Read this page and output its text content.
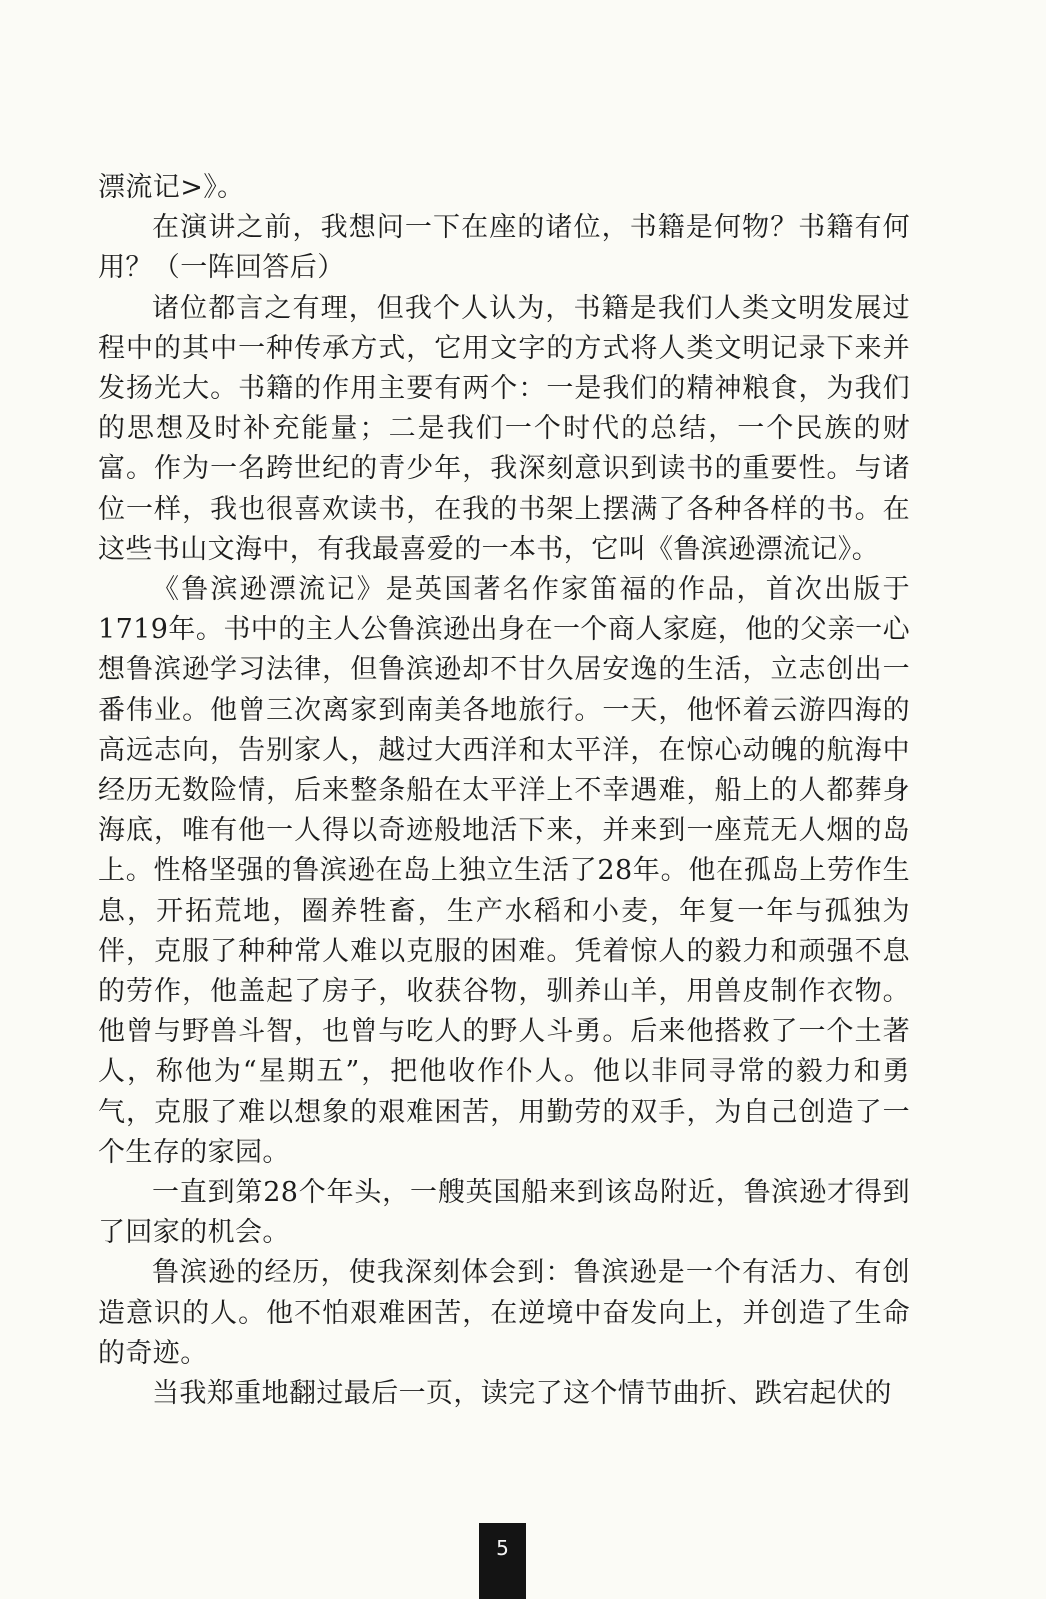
漂流记>》。

在演讲之前，我想问一下在座的诸位，书籍是何物？书籍有何用？（一阵回答后）

诸位都言之有理，但我个人认为，书籍是我们人类文明发展过程中的其中一种传承方式，它用文字的方式将人类文明记录下来并发扬光大。书籍的作用主要有两个：一是我们的精神粮食，为我们的思想及时补充能量；二是我们一个时代的总结，一个民族的财富。作为一名跨世纪的青少年，我深刻意识到读书的重要性。与诸位一样，我也很喜欢读书，在我的书架上摆满了各种各样的书。在这些书山文海中，有我最喜爱的一本书，它叫《鲁滨逊漂流记》。

《鲁滨逊漂流记》是英国著名作家笛福的作品，首次出版于1719年。书中的主人公鲁滨逊出身在一个商人家庭，他的父亲一心想鲁滨逊学习法律，但鲁滨逊却不甘久居安逸的生活，立志创出一番伟业。他曾三次离家到南美各地旅行。一天，他怀着云游四海的高远志向，告别家人，越过大西洋和太平洋，在惊心动魄的航海中经历无数险情，后来整条船在太平洋上不幸遇难，船上的人都葬身海底，唯有他一人得以奇迹般地活下来，并来到一座荒无人烟的岛上。性格坚强的鲁滨逊在岛上独立生活了28年。他在孤岛上劳作生息，开拓荒地，圈养牲畜，生产水稻和小麦，年复一年与孤独为伴，克服了种种常人难以克服的困难。凭着惊人的毅力和顽强不息的劳作，他盖起了房子，收获谷物，驯养山羊，用兽皮制作衣物。他曾与野兽斗智，也曾与吃人的野人斗勇。后来他搭救了一个土著人，称他为“星期五”，把他收作仆人。他以非同寻常的毅力和勇气，克服了难以想象的艰难困苦，用勤劳的双手，为自己创造了一个生存的家园。

一直到第28个年头，一艘英国船来到该岛附近，鲁滨逊才得到了回家的机会。

鲁滨逊的经历，使我深刻体会到：鲁滨逊是一个有活力、有创造意识的人。他不怕艰难困苦，在逆境中奋发向上，并创造了生命的奇迹。

当我郑重地翻过最后一页，读完了这个情节曲折、跌宕起伏的

5
